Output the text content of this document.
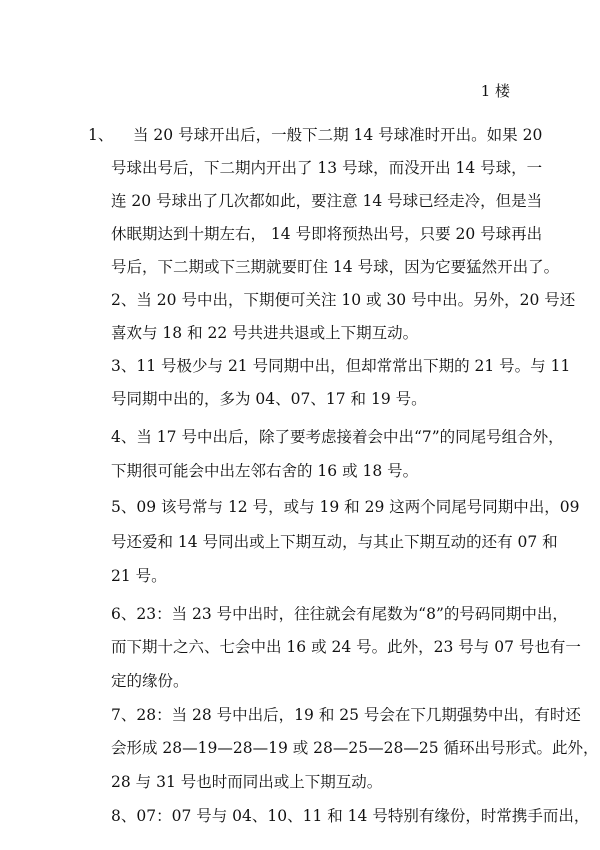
1 楼
1、 当 20 号球开出后，一般下二期 14 号球准时开出。如果 20
号球出号后，下二期内开出了 13 号球，而没开出 14 号球，一
连 20 号球出了几次都如此，要注意 14 号球已经走冷，但是当
休眠期达到十期左右， 14 号即将预热出号，只要 20 号球再出
号后，下二期或下三期就要盯住 14 号球，因为它要猛然开出了。
2、当 20 号中出，下期便可关注 10 或 30 号中出。另外，20 号还
喜欢与 18 和 22 号共进共退或上下期互动。
3、11 号极少与 21 号同期中出，但却常常出下期的 21 号。与 11
号同期中出的，多为 04、07、17 和 19 号。
4、当 17 号中出后，除了要考虑接着会中出“7”的同尾号组合外，
下期很可能会中出左邻右舍的 16 或 18 号。
5、09 该号常与 12 号，或与 19 和 29 这两个同尾号同期中出，09
号还爱和 14 号同出或上下期互动，与其止下期互动的还有 07 和
21 号。
6、23：当 23 号中出时，往往就会有尾数为“8”的号码同期中出，
而下期十之六、七会中出 16 或 24 号。此外，23 号与 07 号也有一
定的缘份。
7、28：当 28 号中出后，19 和 25 号会在下几期强势中出，有时还
会形成 28—19—28—19 或 28—25—28—25 循环出号形式。此外，
28 与 31 号也时而同出或上下期互动。
8、07：07 号与 04、10、11 和 14 号特别有缘份，时常携手而出，
